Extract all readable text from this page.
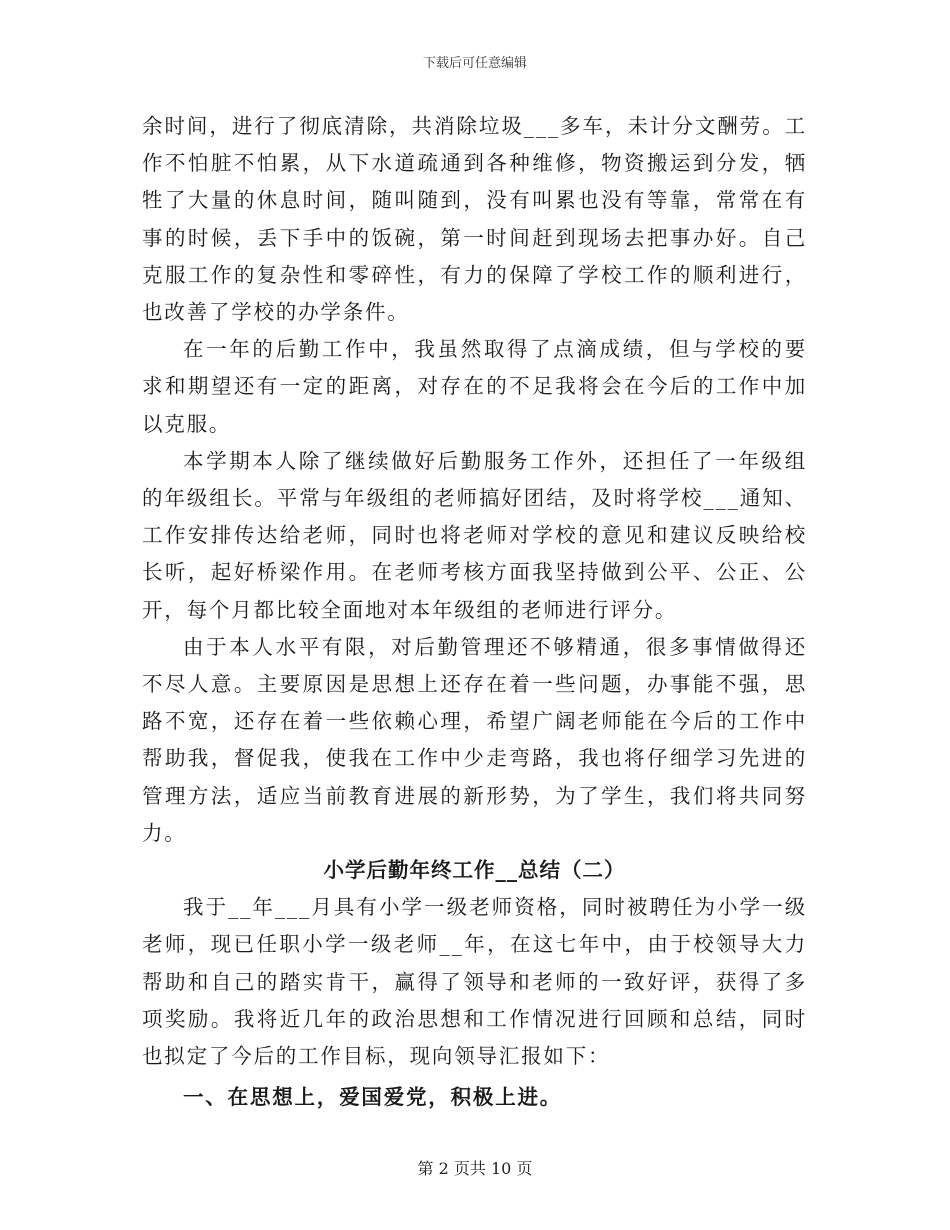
下载后可任意编辑

余时间，进行了彻底清除，共消除垃圾___多车，未计分文酬劳。工作不怕脏不怕累，从下水道疏通到各种维修，物资搬运到分发，牺牲了大量的休息时间，随叫随到，没有叫累也没有等靠，常常在有事的时候，丢下手中的饭碗，第一时间赶到现场去把事办好。自己克服工作的复杂性和零碎性，有力的保障了学校工作的顺利进行，也改善了学校的办学条件。

在一年的后勤工作中，我虽然取得了点滴成绩，但与学校的要求和期望还有一定的距离，对存在的不足我将会在今后的工作中加以克服。

本学期本人除了继续做好后勤服务工作外，还担任了一年级组的年级组长。平常与年级组的老师搞好团结，及时将学校___通知、工作安排传达给老师，同时也将老师对学校的意见和建议反映给校长听，起好桥梁作用。在老师考核方面我坚持做到公平、公正、公开，每个月都比较全面地对本年级组的老师进行评分。

由于本人水平有限，对后勤管理还不够精通，很多事情做得还不尽人意。主要原因是思想上还存在着一些问题，办事能不强，思路不宽，还存在着一些依赖心理，希望广阔老师能在今后的工作中帮助我，督促我，使我在工作中少走弯路，我也将仔细学习先进的管理方法，适应当前教育进展的新形势，为了学生，我们将共同努力。

小学后勤年终工作__总结（二）

我于__年___月具有小学一级老师资格，同时被聘任为小学一级老师，现已任职小学一级老师__年，在这七年中，由于校领导大力帮助和自己的踏实肯干，赢得了领导和老师的一致好评，获得了多项奖励。我将近几年的政治思想和工作情况进行回顾和总结，同时也拟定了今后的工作目标，现向领导汇报如下：

一、在思想上，爱国爱党，积极上进。

第 2 页共 10 页
